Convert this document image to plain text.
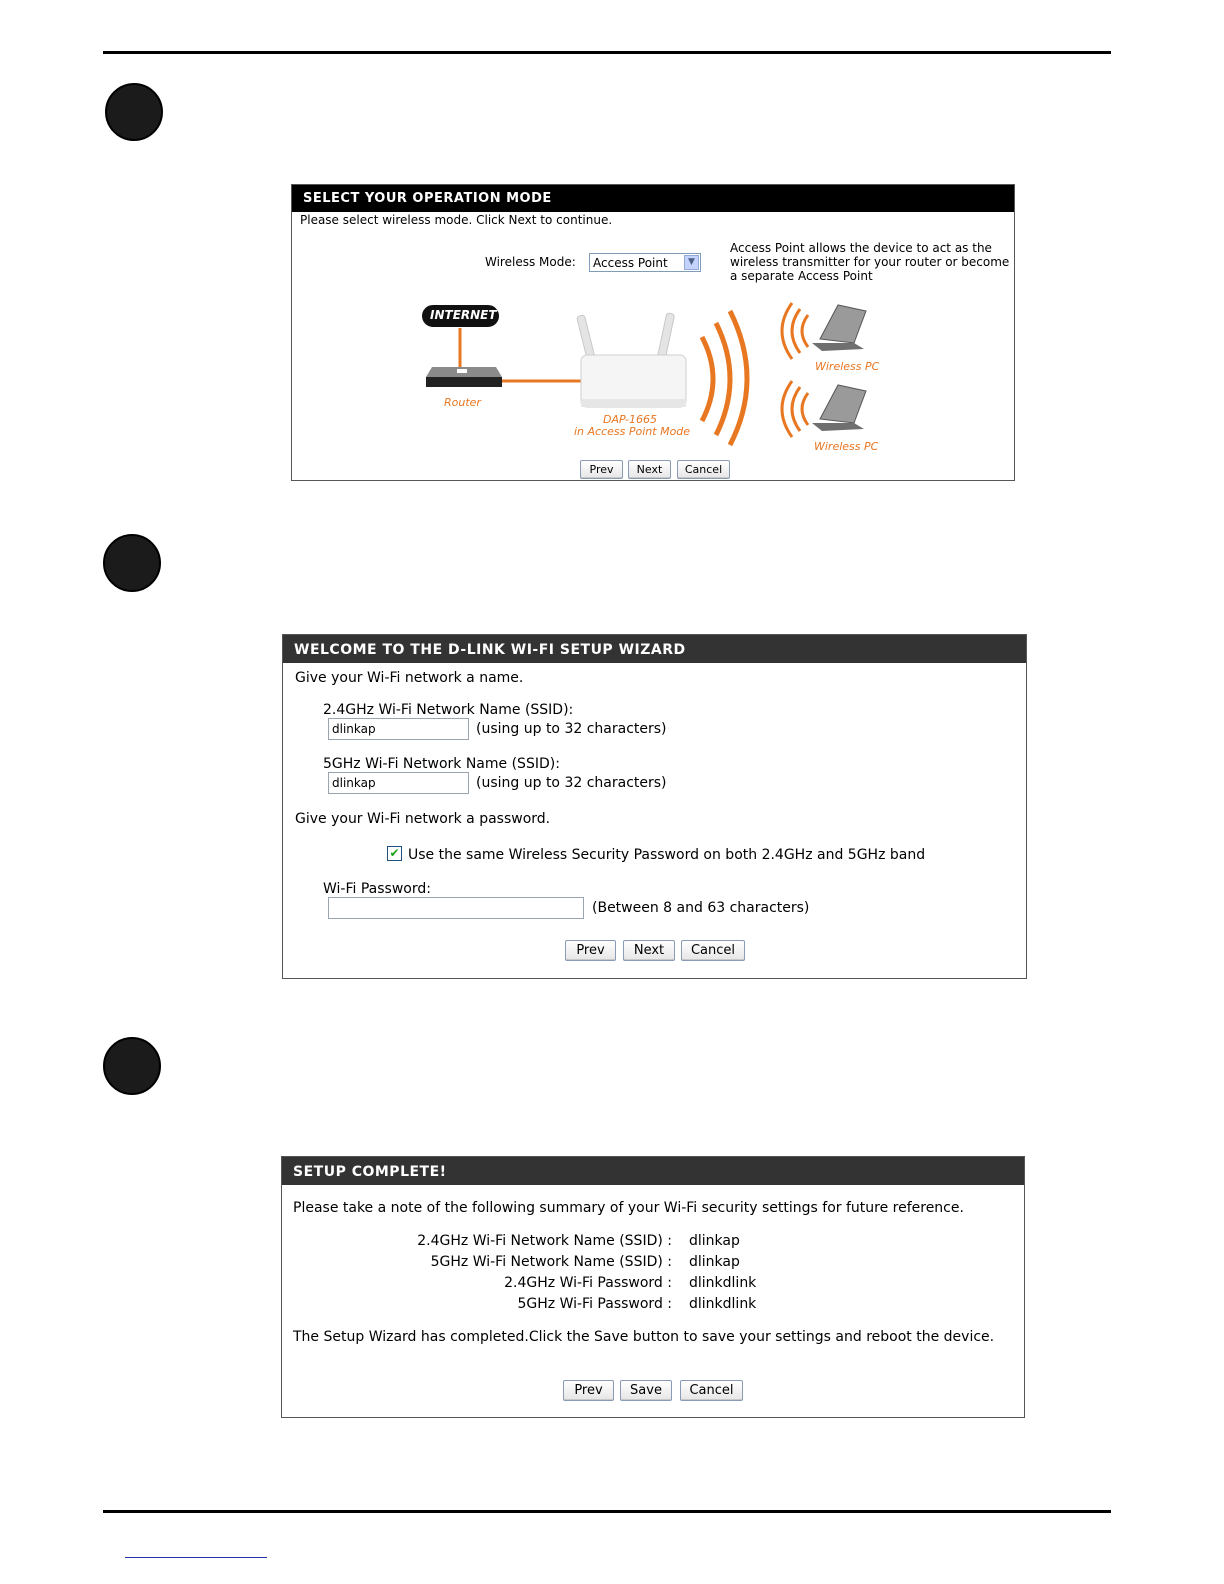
SELECT YOUR OPERATION MODE
Please select wireless mode. Click Next to continue.
Wireless Mode: Access Point	▼
Access Point allows the device to act as the
wireless transmitter for your router or become
a separate Access Point
INTERNET
Router
DAP-1665
in Access Point Mode
Wireless PC
Wireless PC
Prev	Next	Cancel
WELCOME TO THE D-LINK WI-FI SETUP WIZARD
Give your Wi-Fi network a name.
2.4GHz Wi-Fi Network Name (SSID):
dlinkap	(using up to 32 characters)
5GHz Wi-Fi Network Name (SSID):
dlinkap	(using up to 32 characters)
Give your Wi-Fi network a password.
✔ Use the same Wireless Security Password on both 2.4GHz and 5GHz band
Wi-Fi Password:
(Between 8 and 63 characters)
Prev	Next	Cancel
SETUP COMPLETE!
Please take a note of the following summary of your Wi-Fi security settings for future reference.
2.4GHz Wi-Fi Network Name (SSID) : dlinkap
5GHz Wi-Fi Network Name (SSID) : dlinkap
2.4GHz Wi-Fi Password : dlinkdlink
5GHz Wi-Fi Password : dlinkdlink
The Setup Wizard has completed.Click the Save button to save your settings and reboot the device.
Prev	Save	Cancel
